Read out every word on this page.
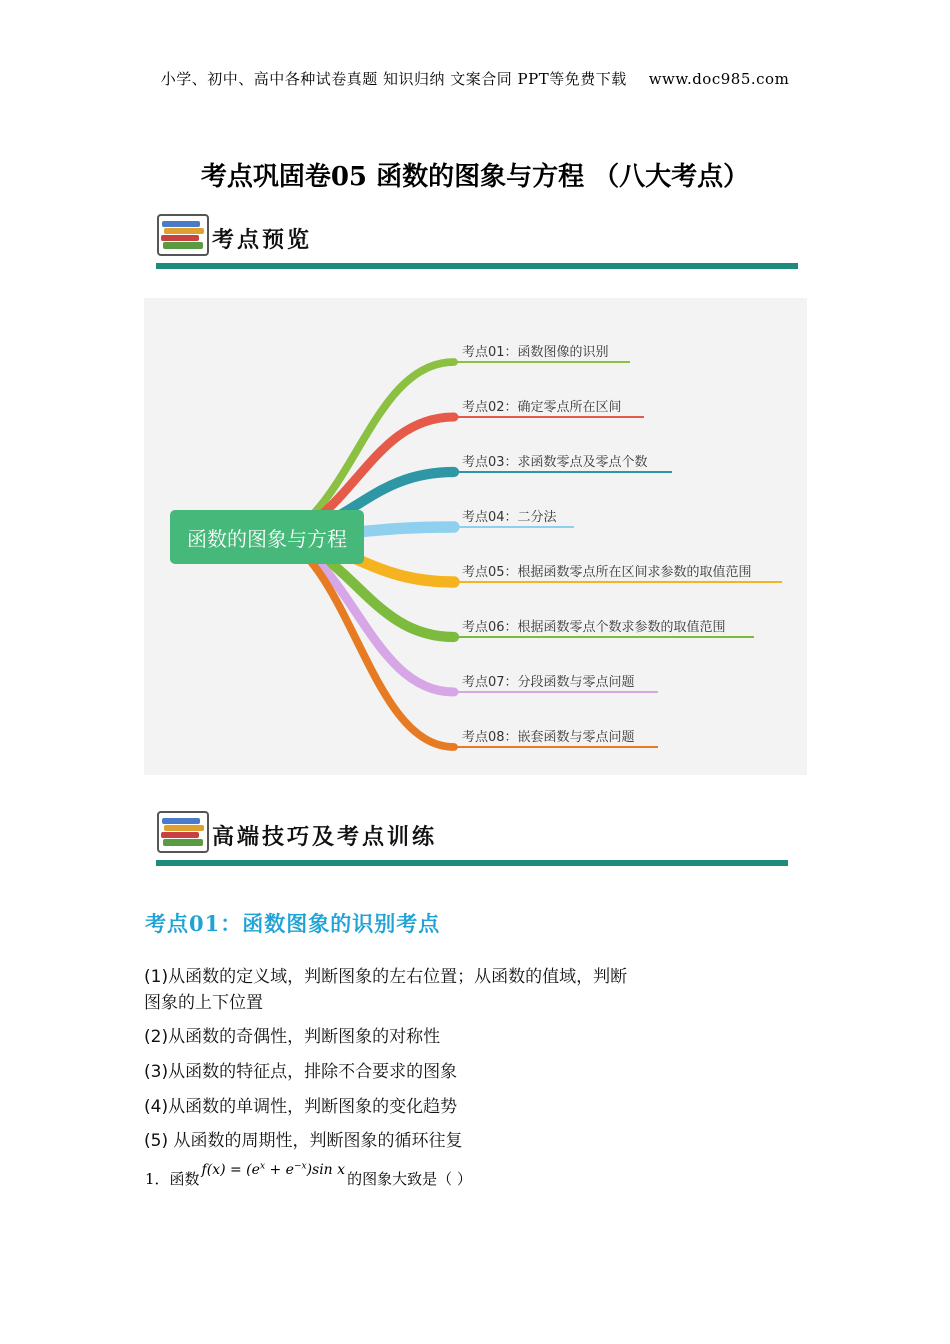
小学、初中、高中各种试卷真题 知识归纳 文案合同 PPT等免费下载 www.doc985.com
考点巩固卷05 函数的图象与方程 （八大考点）
考点预览
函数的图象与方程
考点01：函数图像的识别
考点02：确定零点所在区间
考点03：求函数零点及零点个数
考点04：二分法
考点05：根据函数零点所在区间求参数的取值范围
考点06：根据函数零点个数求参数的取值范围
考点07：分段函数与零点问题
考点08：嵌套函数与零点问题
高端技巧及考点训练
考点01：函数图象的识别考点
(1)从函数的定义域，判断图象的左右位置；从函数的值域，判断
图象的上下位置
(2)从函数的奇偶性，判断图象的对称性
(3)从函数的特征点，排除不合要求的图象
(4)从函数的单调性，判断图象的变化趋势
(5) 从函数的周期性，判断图象的循环往复
1．函数 $f(x) = (e^x + e^{-x})\sin$ x 的图象大致是（ ）
